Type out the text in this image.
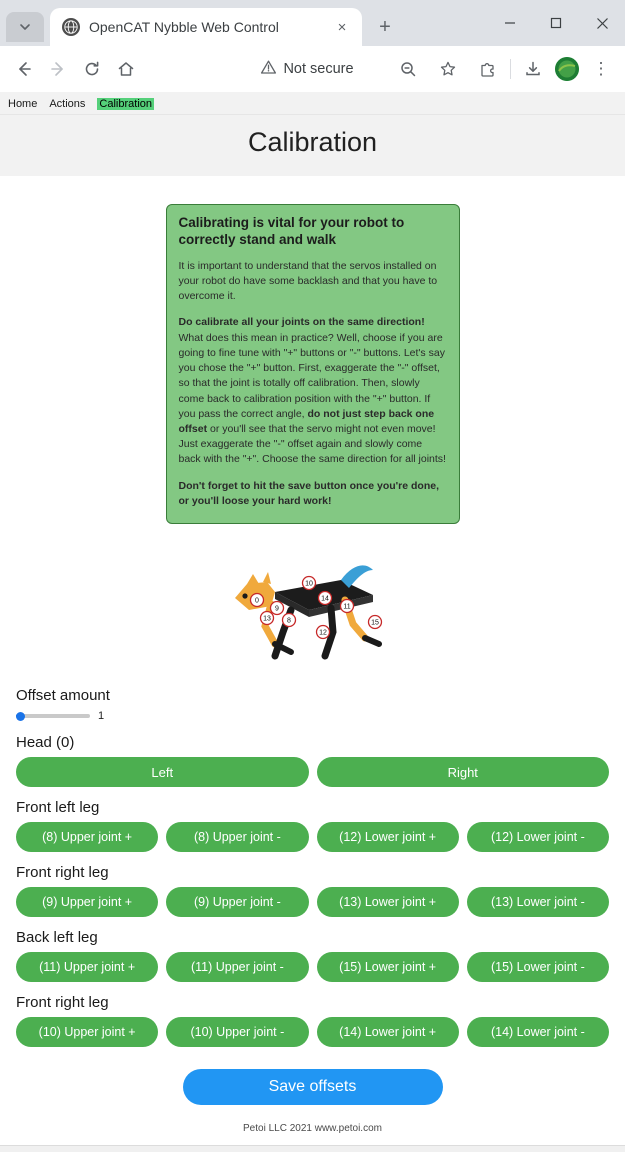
OpenCAT Nybble Web Control	×	+
Not secure	⋮
Home Actions Calibration
Calibration
Calibrating is vital for your robot to correctly stand and walk

It is important to understand that the servos installed on your robot do have some backlash and that you have to overcome it.

Do calibrate all your joints on the same direction! What does this mean in practice? Well, choose if you are going to fine tune with "+" buttons or "-" buttons. Let's say you chose the "+" button. First, exaggerate the "-" offset, so that the joint is totally off calibration. Then, slowly come back to calibration position with the "+" button. If you pass the correct angle, do not just step back one offset or you'll see that the servo might not even move! Just exaggerate the "-" offset again and slowly come back with the "+". Choose the same direction for all joints!

Don't forget to hit the save button once you're done, or you'll loose your hard work!

0
9
13 8
10
14
11
15
12
Offset amount
1
Head (0)
Left	Right
Front left leg
(8) Upper joint +	(8) Upper joint -	(12) Lower joint +	(12) Lower joint -
Front right leg
(9) Upper joint +	(9) Upper joint -	(13) Lower joint +	(13) Lower joint -
Back left leg
(11) Upper joint +	(11) Upper joint -	(15) Lower joint +	(15) Lower joint -
Front right leg
(10) Upper joint +	(10) Upper joint -	(14) Lower joint +	(14) Lower joint -
Save offsets
Petoi LLC 2021 www.petoi.com
